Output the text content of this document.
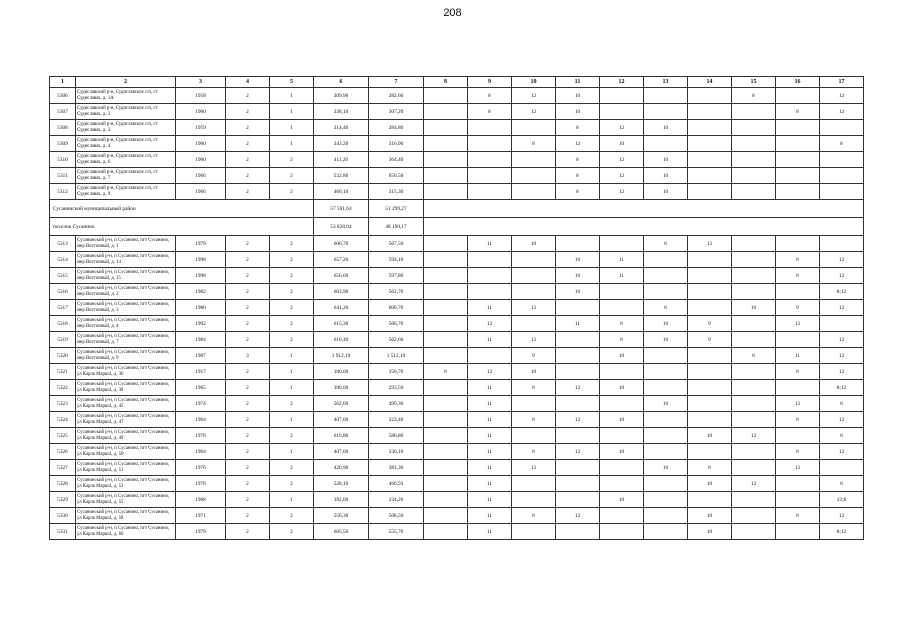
208
1	2	3	4	5	6	7	8	9	10	11	12	13	14	15	16	17	
5306	Судиславский р-н, Судиславское с/п, ст Судиславль, д. 1А	1958	2	1	309,90	282,60		8	12	10				8		12	
5307	Судиславский р-н, Судиславское с/п, ст Судиславль, д. 2	1960	2	1	338,10	307,20		8	12	10					8	12	
5308	Судиславский р-н, Судиславское с/п, ст Судиславль, д. 3	1959	2	1	314,40	284,80				8	12	10					
5309	Судиславский р-н, Судиславское с/п, ст Судиславль, д. 4	1960	2	1	343,20	316,90			8	12	10					8	
5310	Судиславский р-н, Судиславское с/п, ст Судиславль, д. 6	1960	2	2	411,20	364,40				8	12	10					
5311	Судиславский р-н, Судиславское с/п, ст Судиславль, д. 7	1966	2	2	532,80	650,50				8	12	10					
5312	Судиславский р-н, Судиславское с/п, ст Судиславль, д. 9	1966	2	2	466,10	315,30				8	12	10					
Сусанинский муниципальный район					57 591,64	51 299,27											
поселок Сусанино					53 828,04	48 190,17											
5313	Сусанинский р-н, п Сусанино, пгт Сусанино, мкр Восточный, д. 1	1979	2	2	606,70	567,50		11	10			8	12				
5314	Сусанинский р-н, п Сусанино, пгт Сусанино, мкр Восточный, д. 14	1998	2	2	657,20	594,10				10	11				8	12	
5315	Сусанинский р-н, п Сусанино, пгт Сусанино, мкр Восточный, д. 15	1998	2	2	656,60	597,80				10	11				8	12	
5316	Сусанинский р-н, п Сусанино, пгт Сусанино, мкр Восточный, д. 2	1982	2	2	603,90	562,70				10						8;12	
5317	Сусанинский р-н, п Сусанино, пгт Сусанино, мкр Восточный, д. 3	1980	2	2	641,20	600,70		11	12			8		10	9	12	
5318	Сусанинский р-н, п Сусанино, пгт Сусанино, мкр Восточный, д. 4	1992	2	2	615,30	566,70		12		11	8	10	9		12		
5319	Сусанинский р-н, п Сусанино, пгт Сусанино, мкр Восточный, д. 7	1984	2	2	610,40	562,60		11	12		8	10	9			12	
5320	Сусанинский р-н, п Сусанино, пгт Сусанино, мкр Восточный, д. 9	1987	3	1	1 912,10	1 512,10			9		10			8	11	12	
5321	Сусанинский р-н, п Сусанино, пгт Сусанино, ул Карла Маркса, д. 36	1917	2	1	180,00	156,70	8	12	10						8	12	
5322	Сусанинский р-н, п Сусанино, пгт Сусанино, ул Карла Маркса, д. 38	1965	2	1	390,00	293,50		11	8	12	10					8;12	
5323	Сусанинский р-н, п Сусанино, пгт Сусанино, ул Карла Маркса, д. 45	1974	2	2	562,60	499,30		11				10			12	8	
5324	Сусанинский р-н, п Сусанино, пгт Сусанино, ул Карла Маркса, д. 47	1964	2	1	407,00	323,40		11	8	12	10				8	12	
5325	Сусанинский р-н, п Сусанино, пгт Сусанино, ул Карла Маркса, д. 49	1978	2	2	616,80	586,80		11					10	12		8	
5326	Сусанинский р-н, п Сусанино, пгт Сусанино, ул Карла Маркса, д. 50	1964	2	1	407,00	330,10		11	8	12	10				8	12	
5327	Сусанинский р-н, п Сусанино, пгт Сусанино, ул Карла Маркса, д. 51	1976	2	2	420,90	381,30		11	12			10	8		12		
5328	Сусанинский р-н, п Сусанино, пгт Сусанино, ул Карла Маркса, д. 53	1978	2	2	528,10	466,93		11					10	12		8	
5329	Сусанинский р-н, п Сусанино, пгт Сусанино, ул Карла Маркса, д. 55	1968	2	1	392,00	234,20		11			10					12;8	
5330	Сусанинский р-н, п Сусанино, пгт Сусанино, ул Карла Маркса, д. 58	1971	2	2	556,30	508,50		11	8	12			10		8	12	
5331	Сусанинский р-н, п Сусанино, пгт Сусанино, ул Карла Маркса, д. 60	1979	2	2	605,50	555,70		11					10			8;12	
